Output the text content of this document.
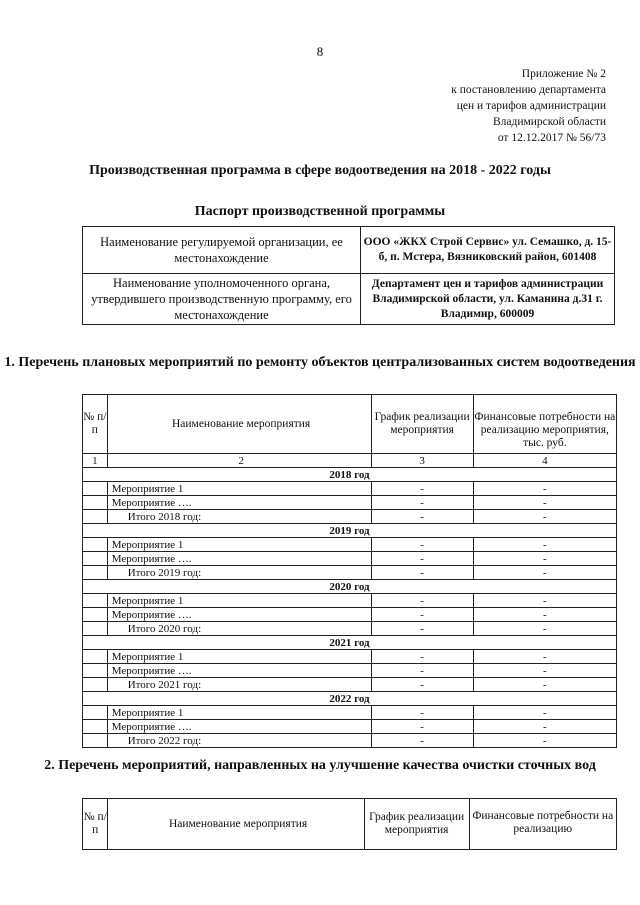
8
Приложение № 2
к постановлению департамента
цен и тарифов администрации
Владимирской области
от 12.12.2017 № 56/73
Производственная программа в сфере водоотведения на 2018 - 2022 годы
Паспорт производственной программы
Наименование регулируемой организации, ее местонахождение	ООО «ЖКХ Строй Сервис» ул. Семашко, д. 15-б, п. Мстера, Вязниковский район, 601408
Наименование уполномоченного органа, утвердившего производственную программу, его местонахождение	Департамент цен и тарифов администрации Владимирской области, ул. Каманина д.31 г. Владимир, 600009
1. Перечень плановых мероприятий по ремонту объектов централизованных систем водоотведения
№ п/п	Наименование мероприятия	График реализации мероприятия	Финансовые потребности на реализацию мероприятия, тыс. руб.
1	2	3	4
2018 год			
	Мероприятие 1	-	-
	Мероприятие ….	-	-
	Итого 2018 год:	-	-
2019 год			
	Мероприятие 1	-	-
	Мероприятие ….	-	-
	Итого 2019 год:	-	-
2020 год			
	Мероприятие 1	-	-
	Мероприятие ….	-	-
	Итого 2020 год:	-	-
2021 год			
	Мероприятие 1	-	-
	Мероприятие ….	-	-
	Итого 2021 год:	-	-
2022 год			
	Мероприятие 1	-	-
	Мероприятие ….	-	-
	Итого 2022 год:	-	-
2. Перечень мероприятий, направленных на улучшение качества очистки сточных вод
№ п/п	Наименование мероприятия	График реализации мероприятия	Финансовые потребности на реализацию
